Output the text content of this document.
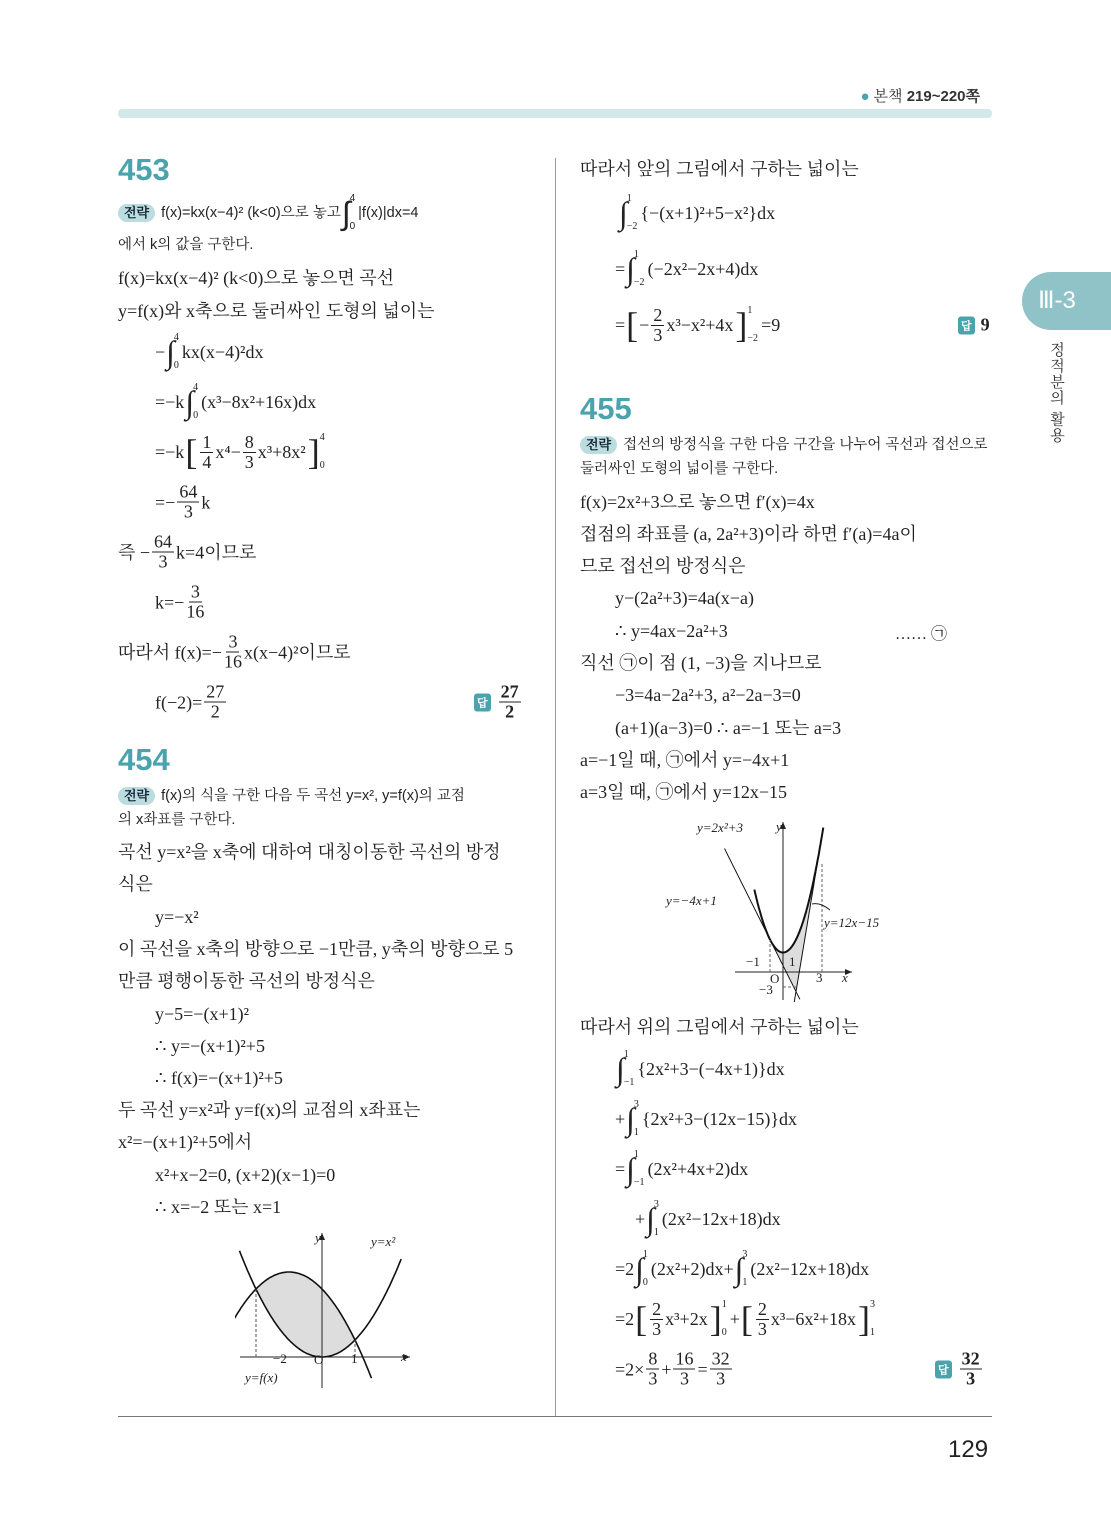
● 본책 219~220쪽
129
Ⅲ-3
정적분의 활용
453
454
455
…… ㉠
전략 f(x)=kx(x−4)² (k<0)으로 놓고 ∫ 4
0
|f(x)|dx=4
에서 k의 값을 구한다.
f(x)=kx(x−4)² (k<0)으로 놓으면 곡선
y=f(x)와 x축으로 둘러싸인 도형의 넓이는
− ∫ 4
0
kx(x−4)²dx
=−k ∫ 4
0
(x³−8x²+16x)dx
=−k [ $\frac{1}{4} x^4- \frac{8}{3} x^3+8x^2$ ] 4
0
=− $\frac{64}{3}$ k
즉 − $\frac{64}{3} k=4$이므로
$k=- \frac{3}{16}$
따라서 $f(x)=- \frac{3}{16} x(x-4)^2$이므로
$f(-2)= \frac{27}{2}$
전략 f(x)의 식을 구한 다음 두 곡선 y=x², y=f(x)의 교점
의 x좌표를 구한다.
곡선 y=x²을 x축에 대하여 대칭이동한 곡선의 방정
식은
y=−x²
이 곡선을 x축의 방향으로 −1만큼, y축의 방향으로 5
만큼 평행이동한 곡선의 방정식은
y−5=−(x+1)²
∴ y=−(x+1)²+5
∴ f(x)=−(x+1)²+5
두 곡선 y=x²과 y=f(x)의 교점의 x좌표는
x²=−(x+1)²+5에서
x²+x−2=0, (x+2)(x−1)=0
∴ x=−2 또는 x=1
따라서 앞의 그림에서 구하는 넓이는
∫ 1
−2
{−(x+1)²+5−x²}dx
= ∫ 1
−2
(−2x²−2x+4)dx
= [ − $\frac{2}{3} x^3-x^2+4x$ ] 1
−2
=9
전략 접선의 방정식을 구한 다음 구간을 나누어 곡선과 접선으로
둘러싸인 도형의 넓이를 구한다.
f(x)=2x²+3으로 놓으면 f′(x)=4x
접점의 좌표를 (a, 2a²+3)이라 하면 f′(a)=4a이
므로 접선의 방정식은
y−(2a²+3)=4a(x−a)
∴ y=4ax−2a²+3
직선 ㉠이 점 (1, −3)을 지나므로
−3=4a−2a²+3, a²−2a−3=0
(a+1)(a−3)=0 ∴ a=−1 또는 a=3
a=−1일 때, ㉠에서 y=−4x+1
a=3일 때, ㉠에서 y=12x−15
따라서 위의 그림에서 구하는 넓이는
∫ 1
−1
{2x²+3−(−4x+1)}dx
+ ∫ 3
1
{2x²+3−(12x−15)}dx
= ∫ 1
−1
(2x²+4x+2)dx
+ ∫ 3
1
(2x²−12x+18)dx
=2 ∫ 1
0
(2x²+2)dx+ ∫ 3
1
(2x²−12x+18)dx
=2 [ $\frac{2}{3} x^3+2x$ ] 1
0
+ [ $\frac{2}{3} x^3-6x^2+18x$ ] 3
1
$=2\times \frac{8}{3} + \frac{16}{3} = \frac{32}{3}$
답 $\frac{27}{2}$
답 9
답 $\frac{32}{3}$
y
x
O
y=x²
y=f(x)
−2	1
y
x
O
y=2x²+3
y=−4x+1
y=12x−15
−1 1
3
−3
